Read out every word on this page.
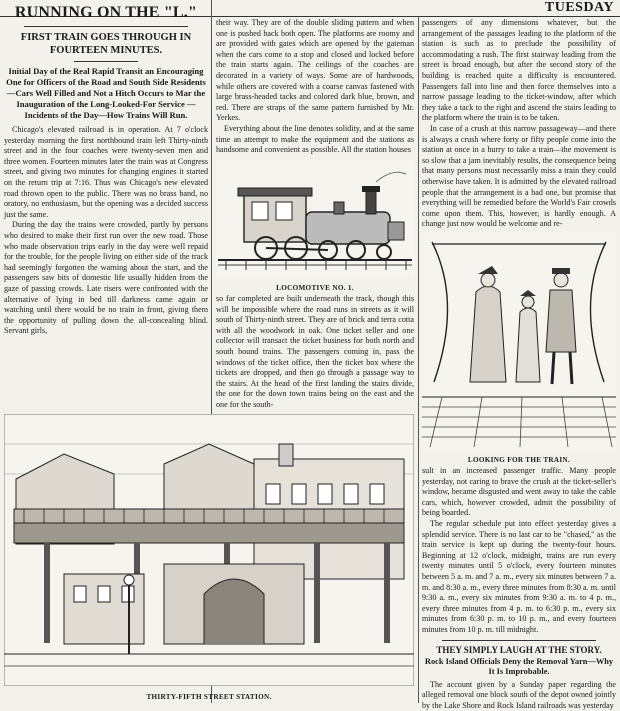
TUESDAY
RUNNING ON THE "L."
FIRST TRAIN GOES THROUGH IN FOURTEEN MINUTES.
Initial Day of the Real Rapid Transit an Encouraging One for Officers of the Road and South Side Residents—Cars Well Filled and Not a Hitch Occurs to Mar the Inauguration of the Long-Looked-For Service — Incidents of the Day—How Trains Will Run.

Chicago's elevated railroad is in operation. At 7 o'clock yesterday morning the first northbound train left Thirty-ninth street and in the four coaches were twenty-seven men and three women. Fourteen minutes later the train was at Congress street, and giving two minutes for changing engines it started on the return trip at 7:16. Thus was Chicago's new elevated road thrown open to the public. There was no brass band, no oratory, no enthusiasm, but the opening was a decided success just the same.

During the day the trains were crowded, partly by persons who desired to make their first run over the new road. Those who made observation trips early in the day were well repaid for the trouble, for the people living on either side of the track had seemingly forgotten the warning about the start, and the passengers saw bits of domestic life usually hidden from the gaze of passing crowds. Late risers were confronted with the alternative of lying in bed till darkness came again or watching until there would be no train in front, giving them the opportunity of pulling down the all-concealing blind. Servant girls,

their way. They are of the double sliding pattern and when one is pushed back both open. The platforms are roomy and are provided with gates which are opened by the gateman when the cars come to a stop and closed and locked before the train starts again. The ceilings of the coaches are decorated in a variety of ways. Some are of hardwoods, while others are covered with a coarse canvas fastened with large brass-headed tacks and colored dark blue, brown, and red. There are straps of the same pattern furnished by Mr. Yerkes.

Everything about the line denotes solidity, and at the same time an attempt to make the equipment and the stations as handsome and convenient as possible. All the station houses

LOCOMOTIVE NO. 1.

so far completed are built underneath the track, though this will be impossible where the road runs in streets as it will south of Thirty-ninth street. They are of brick and terra cotta with all the woodwork in oak. One ticket seller and one collector will transact the ticket business for both north and south bound trains. The passengers coming in, pass the windows of the ticket office, then the ticket box where the tickets are dropped, and then go through a passage way to the stairs. At the head of the first landing the stairs divide, the one for the down town trains being on the east and the one for the south-

passengers of any dimensions whatever, but the arrangement of the passages leading to the platform of the station is such as to preclude the possibility of accommodating a rush. The first stairway leading from the street is broad enough, but after the second story of the building is reached quite a difficulty is encountered. Passengers fall into line and then force themselves into a narrow passage leading to the ticket-window, after which they take a tack to the right and ascend the stairs leading to the platform where the train is to be taken.

In case of a crush at this narrow passageway—and there is always a crush where forty or fifty people come into the station at once in a hurry to take a train—the movement is so slow that a jam inevitably results, the consequence being that many persons must necessarily miss a train they could otherwise have taken. It is admitted by the elevated railroad people that the arrangement is a bad one, but promise that everything will be remedied before the World's Fair crowds come upon them. This, however, is hardly enough. A change just now would be welcome and re-

LOOKING FOR THE TRAIN.

sult in an increased passenger traffic. Many people yesterday, not caring to brave the crush at the ticket-seller's window, became disgusted and went away to take the cable cars, which, however crowded, admit the possibility of being boarded.

The regular schedule put into effect yesterday gives a splendid service. There is no last car to be "chased," as the train service is kept up during the twenty-four hours. Beginning at 12 o'clock, midnight, trains are run every twenty minutes until 5 o'clock, every fourteen minutes between 5 a. m. and 7 a. m., every six minutes between 7 a. m. and 8:30 a. m., every three minutes from 8:30 a. m. until 9:30 a. m., every six minutes from 9:30 a. m. to 4 p. m., every three minutes from 4 p. m. to 6:30 p. m., every six minutes from 6:30 p. m. to 10 p. m., and every fourteen minutes from 10 p. m. till midnight.

THEY SIMPLY LAUGH AT THE STORY.
Rock Island Officials Deny the Removal Yarn—Why It Is Improbable.

The account given by a Sunday paper regarding the alleged removal one block south of the depot owned jointly by the Lake Shore and Rock Island railroads was yesterday

THIRTY-FIFTH STREET STATION.
